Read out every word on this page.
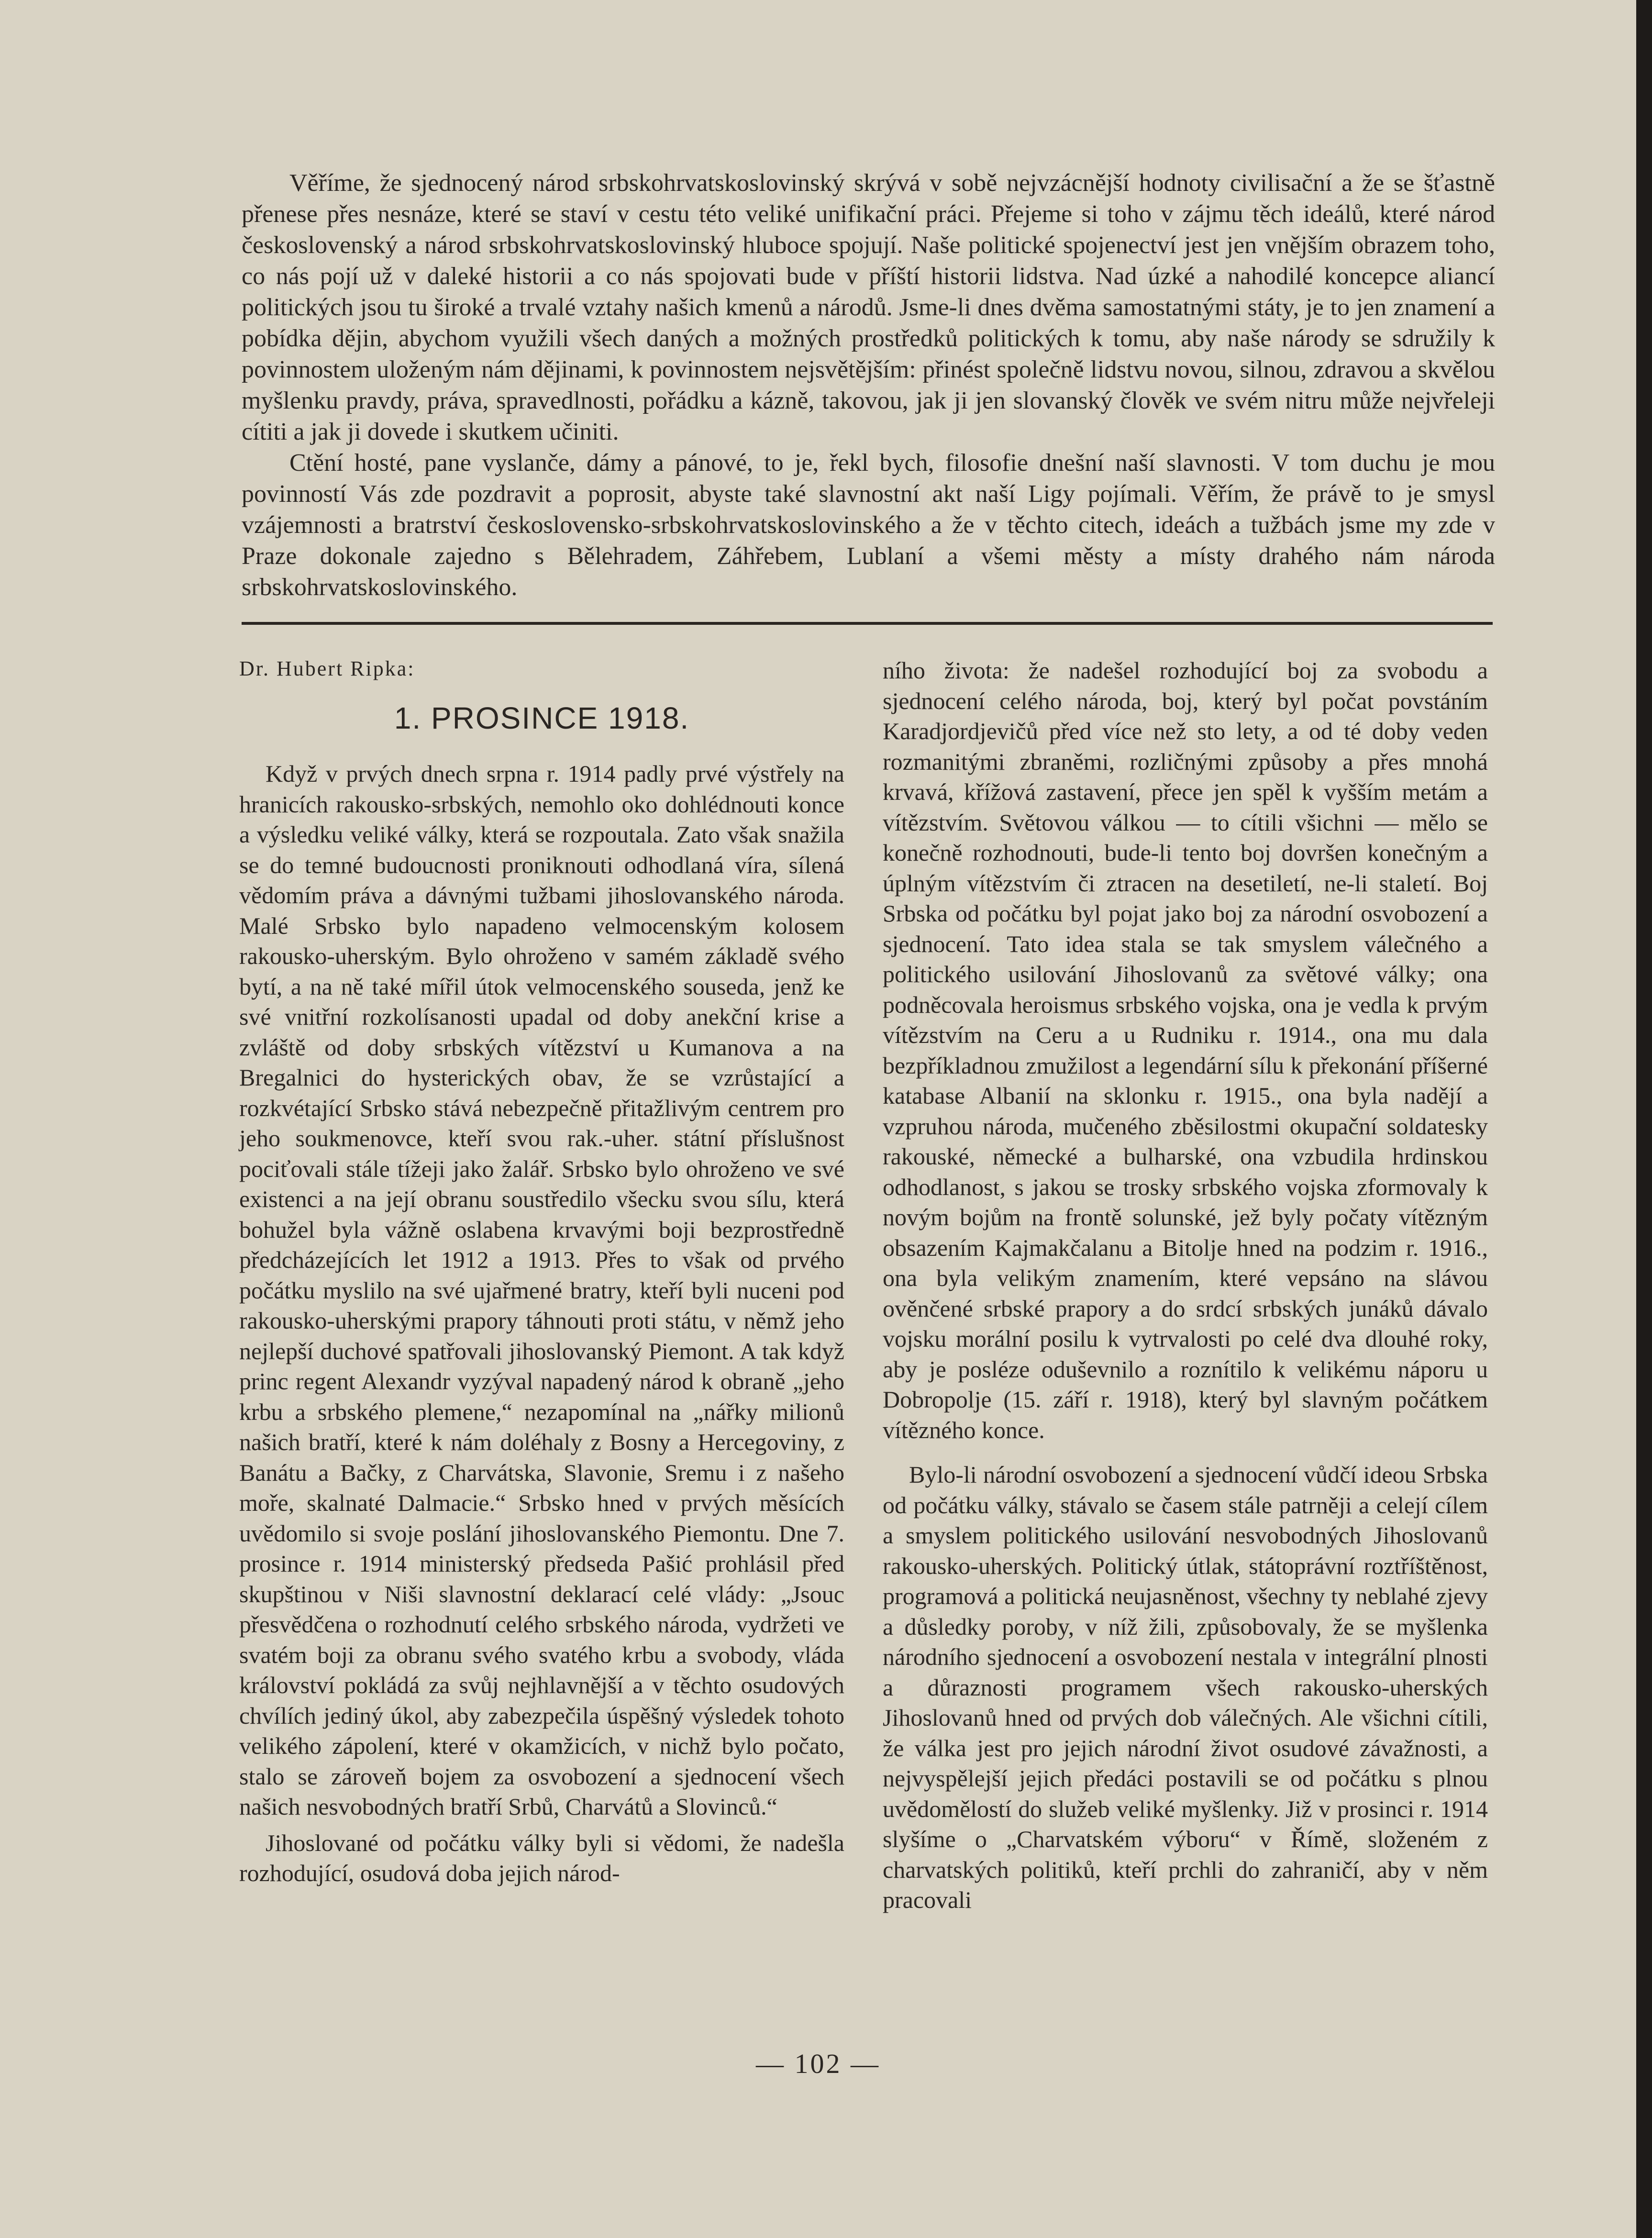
Věříme, že sjednocený národ srbskohrvatskoslovinský skrývá v sobě nejvzácnější hodnoty civilisační a že se šťastně přenese přes nesnáze, které se staví v cestu této veliké unifikační práci. Přejeme si toho v zájmu těch ideálů, které národ československý a národ srbskohrvatskoslovinský hluboce spojují. Naše politické spojenectví jest jen vnějším obrazem toho, co nás pojí už v daleké historii a co nás spojovati bude v příští historii lidstva. Nad úzké a nahodilé koncepce aliancí politických jsou tu široké a trvalé vztahy našich kmenů a národů. Jsme-li dnes dvěma samostatnými státy, je to jen znamení a pobídka dějin, abychom využili všech daných a možných prostředků politických k tomu, aby naše národy se sdružily k povinnostem uloženým nám dějinami, k povinnostem nejsvětějším: přinést společně lidstvu novou, silnou, zdravou a skvělou myšlenku pravdy, práva, spravedlnosti, pořádku a kázně, takovou, jak ji jen slovanský člověk ve svém nitru může nejvřeleji cítiti a jak ji dovede i skutkem učiniti.

Ctění hosté, pane vyslanče, dámy a pánové, to je, řekl bych, filosofie dnešní naší slavnosti. V tom duchu je mou povinností Vás zde pozdravit a poprosit, abyste také slavnostní akt naší Ligy pojímali. Věřím, že právě to je smysl vzájemnosti a bratrství československo-srbskohrvatskoslovinského a že v těchto citech, ideách a tužbách jsme my zde v Praze dokonale zajedno s Bělehradem, Záhřebem, Lublaní a všemi městy a místy drahého nám národa srbskohrvatskoslovinského.

Dr. Hubert Ripka:
1. PROSINCE 1918.

Když v prvých dnech srpna r. 1914 padly prvé výstřely na hranicích rakousko-srbských, nemohlo oko dohlédnouti konce a výsledku veliké války, která se rozpoutala. Zato však snažila se do temné budoucnosti proniknouti odhodlaná víra, sílená vědomím práva a dávnými tužbami jihoslovanského národa. Malé Srbsko bylo napadeno velmocenským kolosem rakousko-uherským. Bylo ohroženo v samém základě svého bytí, a na ně také mířil útok velmocenského souseda, jenž ke své vnitřní rozkolísanosti upadal od doby anekční krise a zvláště od doby srbských vítězství u Kumanova a na Bregalnici do hysterických obav, že se vzrůstající a rozkvétající Srbsko stává nebezpečně přitažlivým centrem pro jeho soukmenovce, kteří svou rak.-uher. státní příslušnost pociťovali stále tížeji jako žalář. Srbsko bylo ohroženo ve své existenci a na její obranu soustředilo všecku svou sílu, která bohužel byla vážně oslabena krvavými boji bezprostředně předcházejících let 1912 a 1913. Přes to však od prvého počátku myslilo na své ujařmené bratry, kteří byli nuceni pod rakousko-uherskými prapory táhnouti proti státu, v němž jeho nejlepší duchové spatřovali jihoslovanský Piemont. A tak když princ regent Alexandr vyzýval napadený národ k obraně „jeho krbu a srbského plemene,“ nezapomínal na „nářky milionů našich bratří, které k nám doléhaly z Bosny a Hercegoviny, z Banátu a Bačky, z Charvátska, Slavonie, Sremu i z našeho moře, skalnaté Dalmacie.“ Srbsko hned v prvých měsících uvědomilo si svoje poslání jihoslovanského Piemontu. Dne 7. prosince r. 1914 ministerský předseda Pašić prohlásil před skupštinou v Niši slavnostní deklarací celé vlády: „Jsouc přesvědčena o rozhodnutí celého srbského národa, vydržeti ve svatém boji za obranu svého svatého krbu a svobody, vláda království pokládá za svůj nejhlavnější a v těchto osudových chvílích jediný úkol, aby zabezpečila úspěšný výsledek tohoto velikého zápolení, které v okamžicích, v nichž bylo počato, stalo se zároveň bojem za osvobození a sjednocení všech našich nesvobodných bratří Srbů, Charvátů a Slovinců.“

Jihoslované od počátku války byli si vědomi, že nadešla rozhodující, osudová doba jejich národ-

ního života: že nadešel rozhodující boj za svobodu a sjednocení celého národa, boj, který byl počat povstáním Karadjordjevičů před více než sto lety, a od té doby veden rozmanitými zbraněmi, rozličnými způsoby a přes mnohá krvavá, křížová zastavení, přece jen spěl k vyšším metám a vítězstvím. Světovou válkou — to cítili všichni — mělo se konečně rozhodnouti, bude-li tento boj dovršen konečným a úplným vítězstvím či ztracen na desetiletí, ne-li staletí. Boj Srbska od počátku byl pojat jako boj za národní osvobození a sjednocení. Tato idea stala se tak smyslem válečného a politického usilování Jihoslovanů za světové války; ona podněcovala heroismus srbského vojska, ona je vedla k prvým vítězstvím na Ceru a u Rudniku r. 1914., ona mu dala bezpříkladnou zmužilost a legendární sílu k překonání příšerné katabase Albanií na sklonku r. 1915., ona byla nadějí a vzpruhou národa, mučeného zběsilostmi okupační soldatesky rakouské, německé a bulharské, ona vzbudila hrdinskou odhodlanost, s jakou se trosky srbského vojska zformovaly k novým bojům na frontě solunské, jež byly počaty vítězným obsazením Kajmakčalanu a Bitolje hned na podzim r. 1916., ona byla velikým znamením, které vepsáno na slávou ověnčené srbské prapory a do srdcí srbských junáků dávalo vojsku morální posilu k vytrvalosti po celé dva dlouhé roky, aby je posléze oduševnilo a roznítilo k velikému náporu u Dobropolje (15. září r. 1918), který byl slavným počátkem vítězného konce.

Bylo-li národní osvobození a sjednocení vůdčí ideou Srbska od počátku války, stávalo se časem stále patrněji a celejí cílem a smyslem politického usilování nesvobodných Jihoslovanů rakousko-uherských. Politický útlak, státoprávní roztříštěnost, programová a politická neujasněnost, všechny ty neblahé zjevy a důsledky poroby, v níž žili, způsobovaly, že se myšlenka národního sjednocení a osvobození nestala v integrální plnosti a důraznosti programem všech rakousko-uherských Jihoslovanů hned od prvých dob válečných. Ale všichni cítili, že válka jest pro jejich národní život osudové závažnosti, a nejvyspělejší jejich předáci postavili se od počátku s plnou uvědomělostí do služeb veliké myšlenky. Již v prosinci r. 1914 slyšíme o „Charvatském výboru“ v Římě, složeném z charvatských politiků, kteří prchli do zahraničí, aby v něm pracovali

— 102 —
